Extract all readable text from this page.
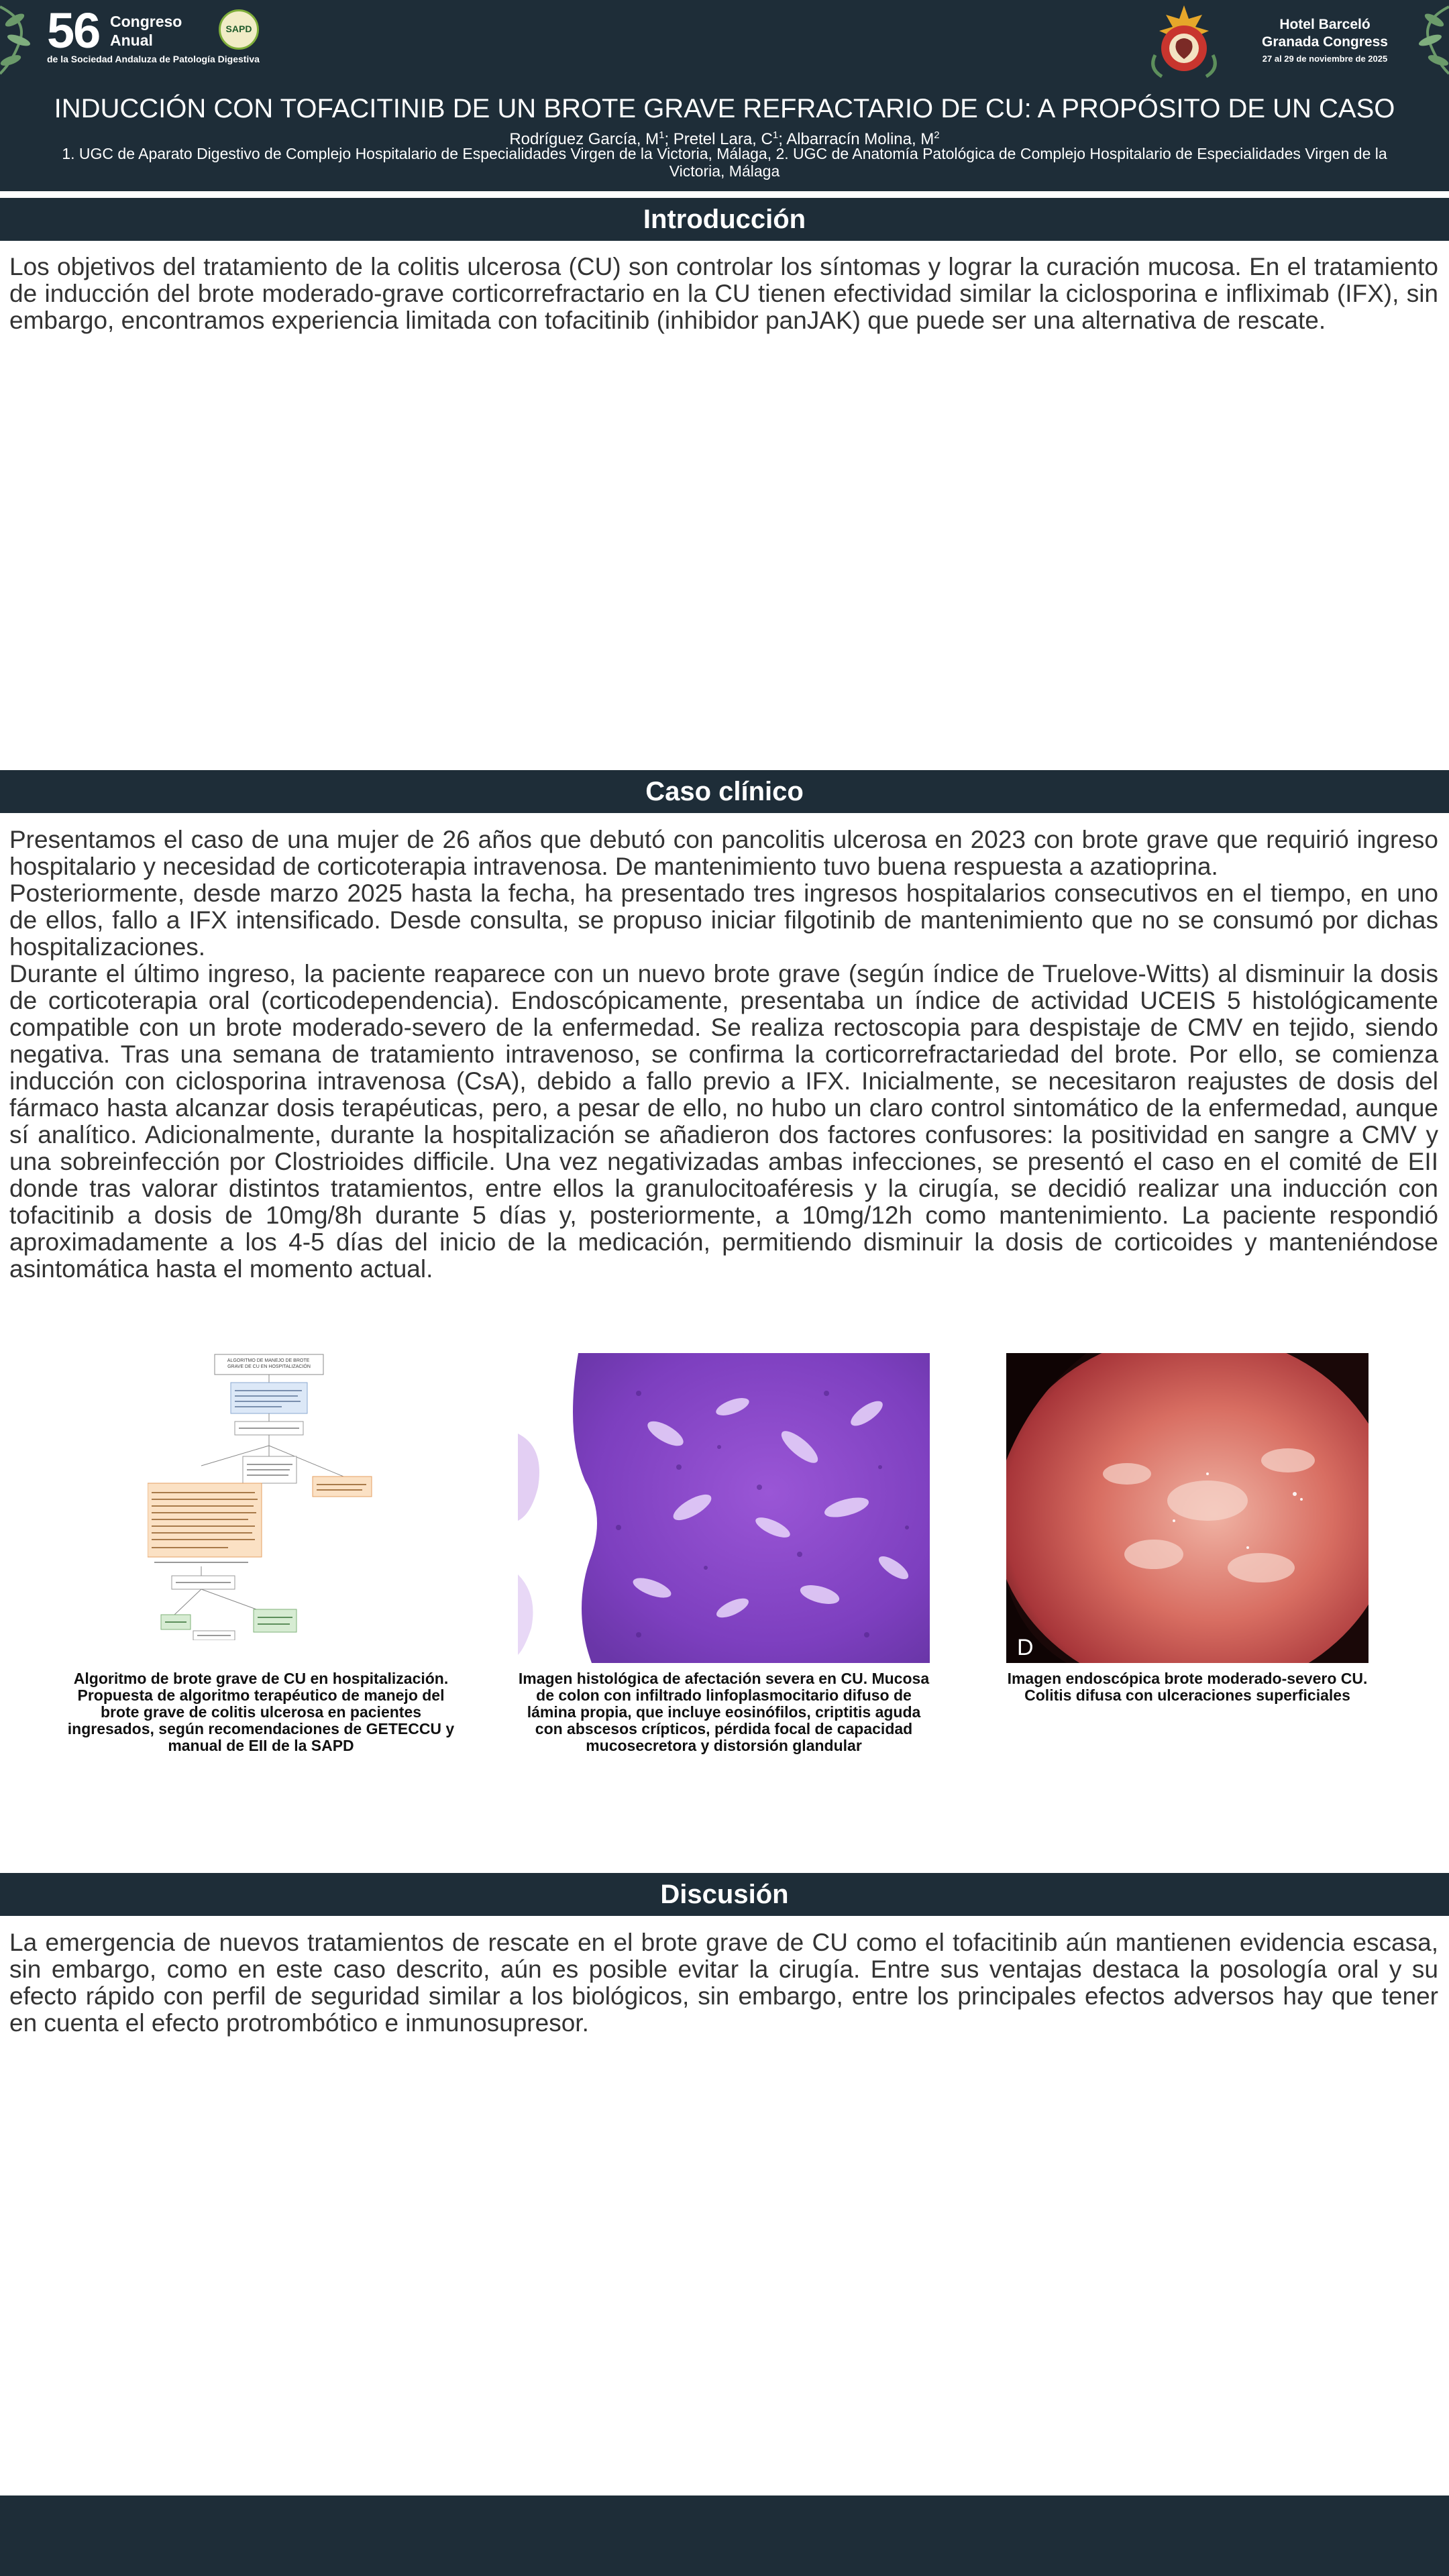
56 Congreso
Anual
de la Sociedad Andaluza de Patología Digestiva
SAPD	Hotel Barceló
Granada Congress
27 al 29 de noviembre de 2025
INDUCCIÓN CON TOFACITINIB DE UN BROTE GRAVE REFRACTARIO DE CU: A PROPÓSITO DE UN CASO
Rodríguez García, $M^1$; Pretel Lara, $C^1$; Albarracín Molina, $M^2$
1. UGC de Aparato Digestivo de Complejo Hospitalario de Especialidades Virgen de la Victoria, Málaga, 2. UGC de Anatomía Patológica de Complejo Hospitalario de Especialidades Virgen de la Victoria, Málaga
Introducción

Los objetivos del tratamiento de la colitis ulcerosa (CU) son controlar los síntomas y lograr la curación mucosa. En el tratamiento de inducción del brote moderado-grave corticorrefractario en la CU tienen efectividad similar la ciclosporina e infliximab (IFX), sin embargo, encontramos experiencia limitada con tofacitinib (inhibidor panJAK) que puede ser una alternativa de rescate.

Caso clínico

Presentamos el caso de una mujer de 26 años que debutó con pancolitis ulcerosa en 2023 con brote grave que requirió ingreso hospitalario y necesidad de corticoterapia intravenosa. De mantenimiento tuvo buena respuesta a azatioprina.

Posteriormente, desde marzo 2025 hasta la fecha, ha presentado tres ingresos hospitalarios consecutivos en el tiempo, en uno de ellos, fallo a IFX intensificado. Desde consulta, se propuso iniciar filgotinib de mantenimiento que no se consumó por dichas hospitalizaciones.

Durante el último ingreso, la paciente reaparece con un nuevo brote grave (según índice de Truelove-Witts) al disminuir la dosis de corticoterapia oral (corticodependencia). Endoscópicamente, presentaba un índice de actividad UCEIS 5 histológicamente compatible con un brote moderado-severo de la enfermedad. Se realiza rectoscopia para despistaje de CMV en tejido, siendo negativa. Tras una semana de tratamiento intravenoso, se confirma la corticorrefractariedad del brote. Por ello, se comienza inducción con ciclosporina intravenosa (CsA), debido a fallo previo a IFX. Inicialmente, se necesitaron reajustes de dosis del fármaco hasta alcanzar dosis terapéuticas, pero, a pesar de ello, no hubo un claro control sintomático de la enfermedad, aunque sí analítico. Adicionalmente, durante la hospitalización se añadieron dos factores confusores: la positividad en sangre a CMV y una sobreinfección por Clostrioides difficile. Una vez negativizadas ambas infecciones, se presentó el caso en el comité de EII donde tras valorar distintos tratamientos, entre ellos la granulocitoaféresis y la cirugía, se decidió realizar una inducción con tofacitinib a dosis de 10mg/8h durante 5 días y, posteriormente, a 10mg/12h como mantenimiento. La paciente respondió aproximadamente a los 4-5 días del inicio de la medicación, permitiendo disminuir la dosis de corticoides y manteniéndose asintomática hasta el momento actual.

ALGORITMO DE MANEJO DE BROTE GRAVE DE CU EN HOSPITALIZACIÓN
Algoritmo de brote grave de CU en hospitalización. Propuesta de algoritmo terapéutico de manejo del brote grave de colitis ulcerosa en pacientes ingresados, según recomendaciones de GETECCU y manual de EII de la SAPD
Imagen histológica de afectación severa en CU. Mucosa de colon con infiltrado linfoplasmocitario difuso de lámina propia, que incluye eosinófilos, criptitis aguda con abscesos crípticos, pérdida focal de capacidad mucosecretora y distorsión glandular
D
Imagen endoscópica brote moderado-severo CU. Colitis difusa con ulceraciones superficiales
Discusión

La emergencia de nuevos tratamientos de rescate en el brote grave de CU como el tofacitinib aún mantienen evidencia escasa, sin embargo, como en este caso descrito, aún es posible evitar la cirugía. Entre sus ventajas destaca la posología oral y su efecto rápido con perfil de seguridad similar a los biológicos, sin embargo, entre los principales efectos adversos hay que tener en cuenta el efecto protrombótico e inmunosupresor.
